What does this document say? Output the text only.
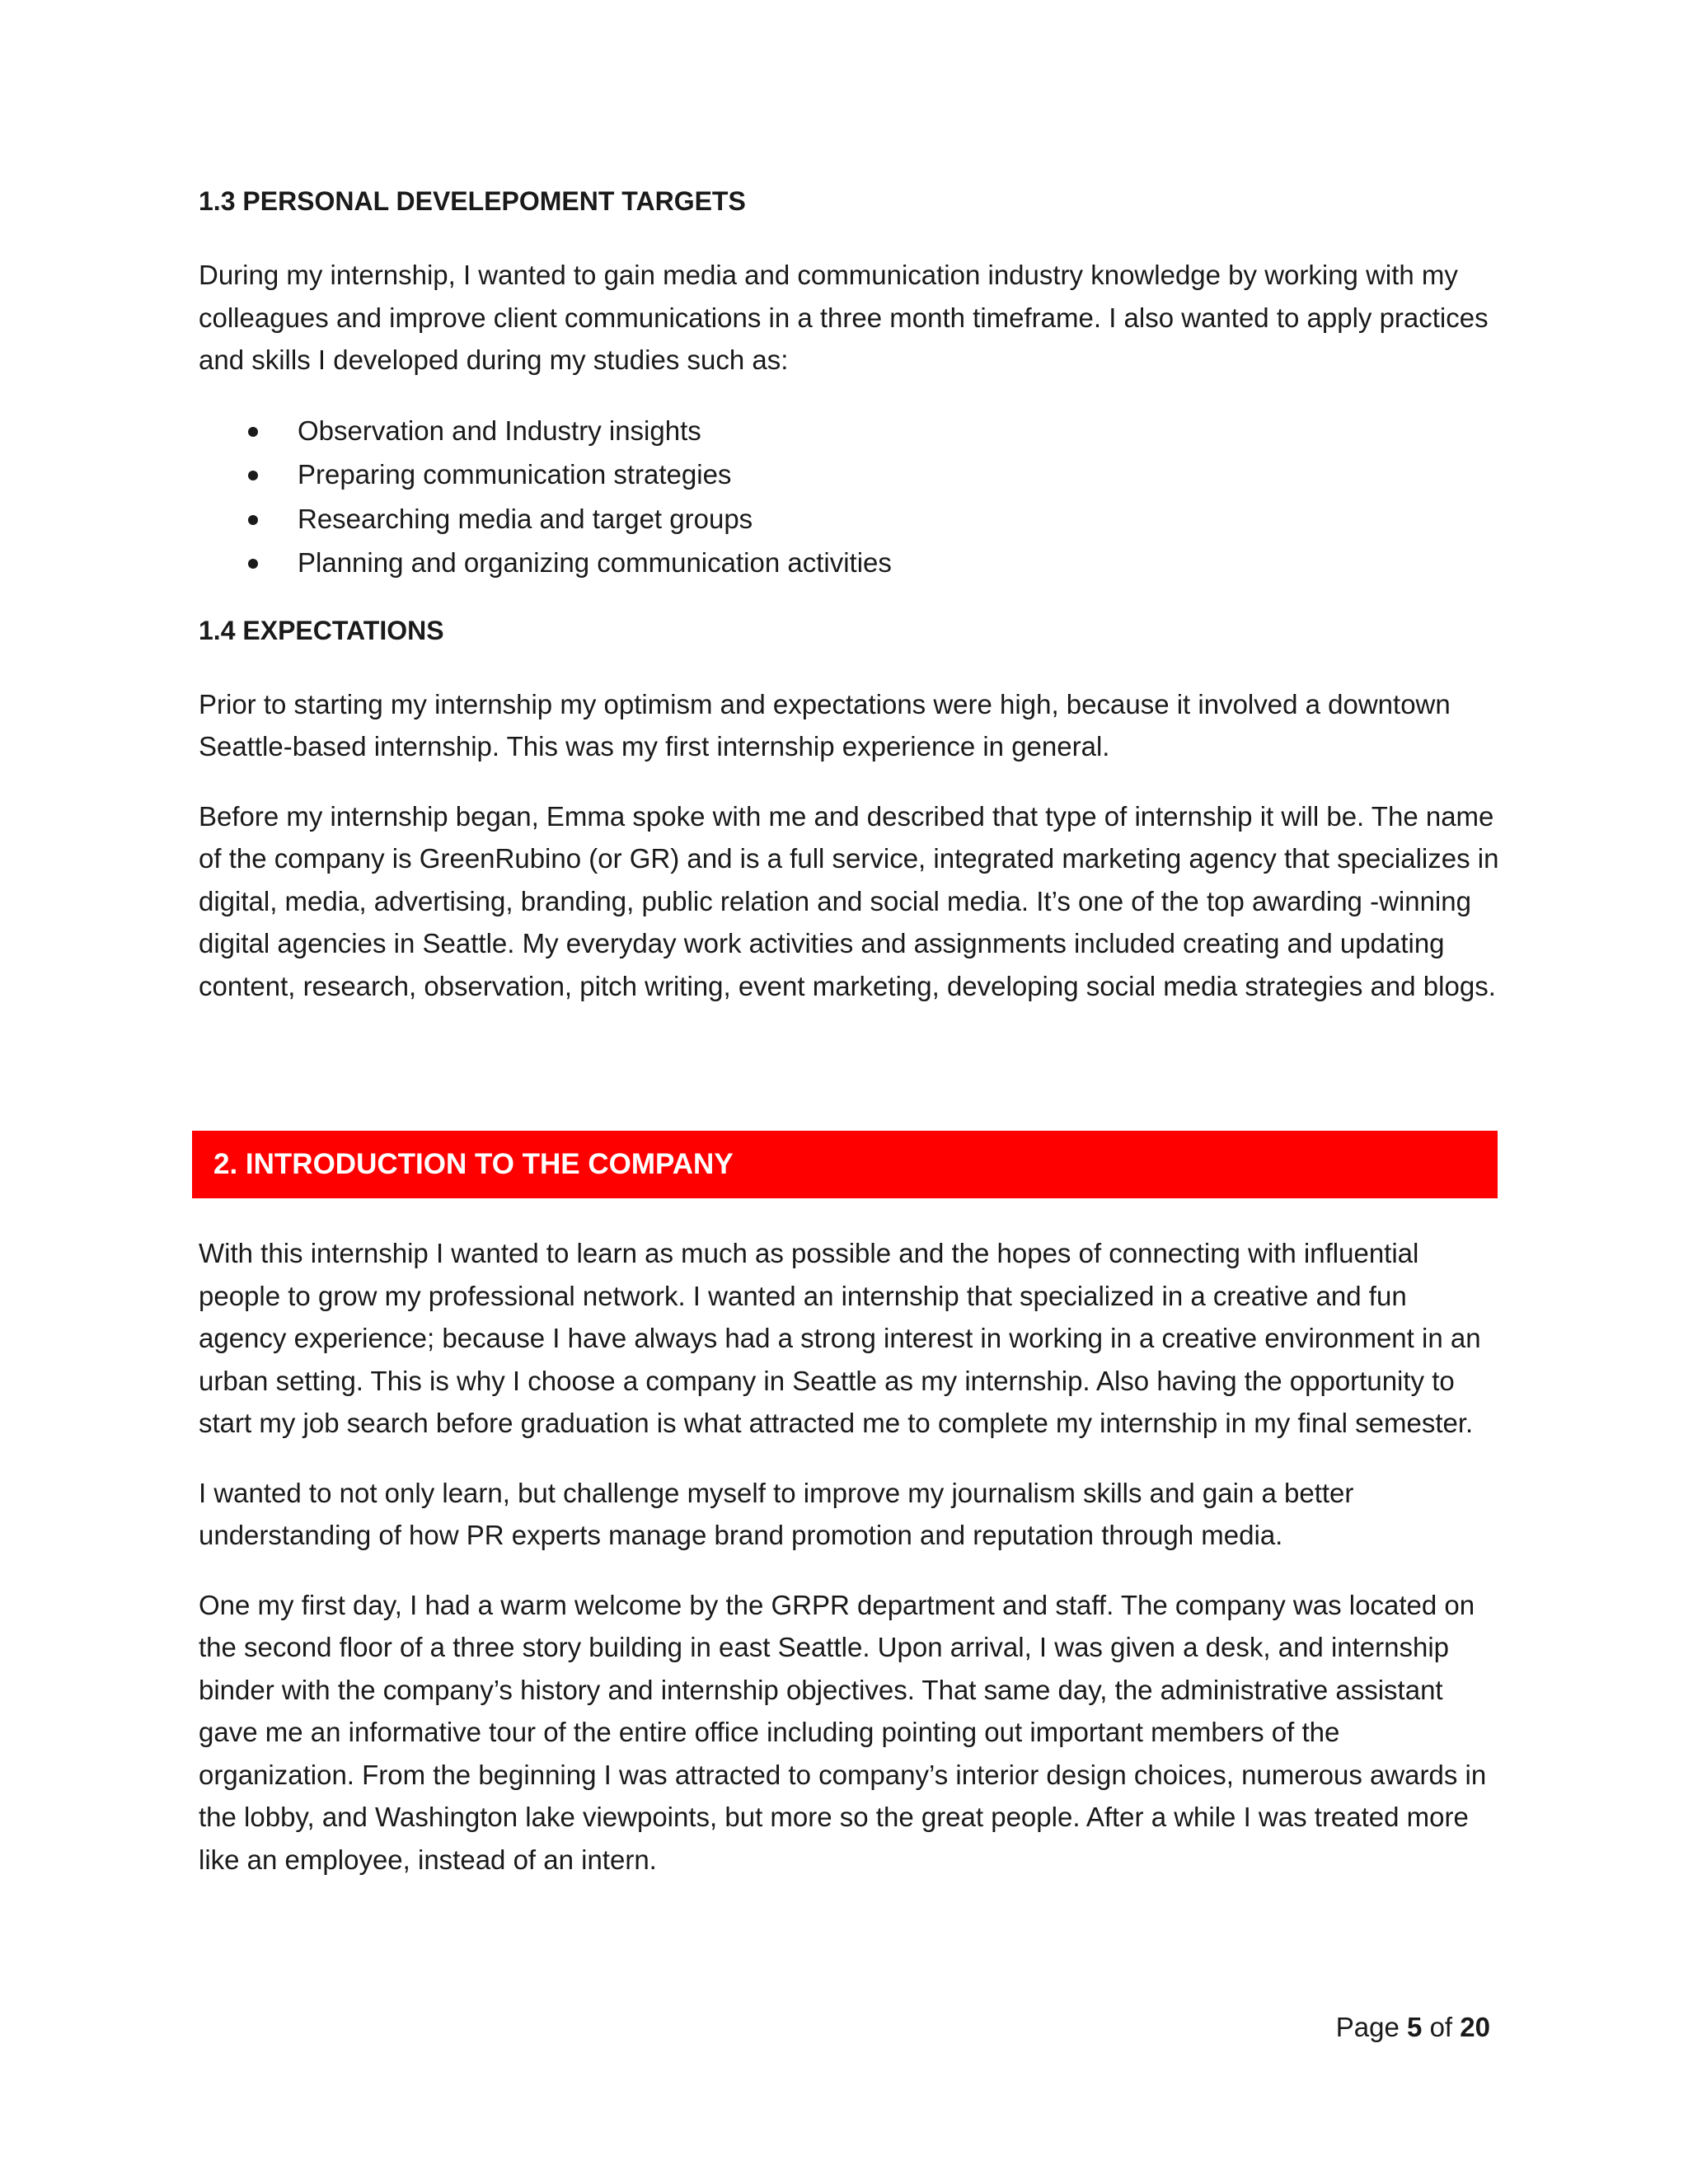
1.3 PERSONAL DEVELEPOMENT TARGETS

During my internship, I wanted to gain media and communication industry knowledge by working with my colleagues and improve client communications in a three month timeframe. I also wanted to apply practices and skills I developed during my studies such as:

Observation and Industry insights
Preparing communication strategies
Researching media and target groups
Planning and organizing communication activities
1.4 EXPECTATIONS

Prior to starting my internship my optimism and expectations were high, because it involved a downtown Seattle-based internship. This was my first internship experience in general.

Before my internship began, Emma spoke with me and described that type of internship it will be. The name of the company is GreenRubino (or GR) and is a full service, integrated marketing agency that specializes in digital, media, advertising, branding, public relation and social media. It’s one of the top awarding -winning digital agencies in Seattle. My everyday work activities and assignments included creating and updating content, research, observation, pitch writing, event marketing, developing social media strategies and blogs.

2. INTRODUCTION TO THE COMPANY

With this internship I wanted to learn as much as possible and the hopes of connecting with influential people to grow my professional network. I wanted an internship that specialized in a creative and fun agency experience; because I have always had a strong interest in working in a creative environment in an urban setting. This is why I choose a company in Seattle as my internship. Also having the opportunity to start my job search before graduation is what attracted me to complete my internship in my final semester.

I wanted to not only learn, but challenge myself to improve my journalism skills and gain a better understanding of how PR experts manage brand promotion and reputation through media.

One my first day, I had a warm welcome by the GRPR department and staff. The company was located on the second floor of a three story building in east Seattle. Upon arrival, I was given a desk, and internship binder with the company’s history and internship objectives. That same day, the administrative assistant gave me an informative tour of the entire office including pointing out important members of the organization. From the beginning I was attracted to company’s interior design choices, numerous awards in the lobby, and Washington lake viewpoints, but more so the great people. After a while I was treated more like an employee, instead of an intern.

Page 5 of 20
